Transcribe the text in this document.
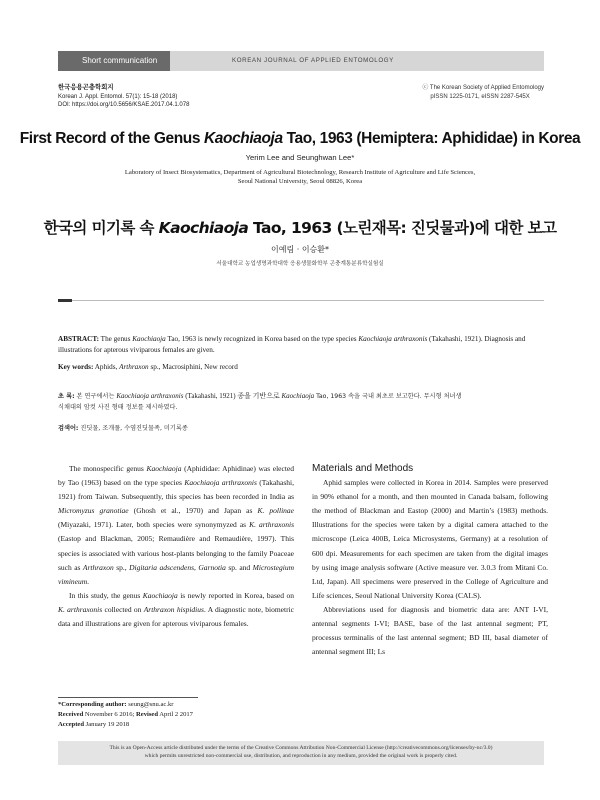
Short communication	KOREAN JOURNAL OF APPLIED ENTOMOLOGY
한국응용곤충학회지
Korean J. Appl. Entomol. 57(1): 15-18 (2018)
DOI: https://doi.org/10.5656/KSAE.2017.04.1.078
ⓒ The Korean Society of Applied Entomology
pISSN 1225-0171, eISSN 2287-545X
First Record of the Genus Kaochiaoja Tao, 1963 (Hemiptera: Aphididae) in Korea
Yerim Lee and Seunghwan Lee*
Laboratory of Insect Biosystematics, Department of Agricultural Biotechnology, Research Institute of Agriculture and Life Sciences,
Seoul National University, Seoul 08826, Korea
한국의 미기록 속 Kaochiaoja Tao, 1963 (노린재목: 진딧물과)에 대한 보고
이예림 · 이승환*
서울대학교 농업생명과학대학 응용생물화학부 곤충계통분류학실험실
ABSTRACT: The genus Kaochiaoja Tao, 1963 is newly recognized in Korea based on the type species Kaochiaoja arthraxonis (Takahashi, 1921). Diagnosis and illustrations for apterous viviparous females are given.
Key words: Aphids, Arthraxon sp., Macrosiphini, New record
초 록: 본 연구에서는 Kaochiaoja arthraxonis (Takahashi, 1921) 종을 기반으로 Kaochiaoja Tao, 1963 속을 국내 최초로 보고한다. 무시형 처녀생
식채대의 암컷 사진 형태 정보를 제시하였다.
검색어: 진딧물, 조개풀, 수염진딧물족, 미기록종

The monospecific genus Kaochiaoja (Aphididae: Aphidinae) was elected by Tao (1963) based on the type species Kaochiaoja arthraxonis (Takahashi, 1921) from Taiwan. Subsequently, this species has been recorded in India as Micromyzus granotiae (Ghosh et al., 1970) and Japan as K. pollinae (Miyazaki, 1971). Later, both species were synonymyzed as K. arthraxonis (Eastop and Blackman, 2005; Remaudière and Remaudière, 1997). This species is associated with various host-plants belonging to the family Poaceae such as Arthraxon sp., Digitaria adscendens, Garnotia sp. and Microstegium vimineum.

In this study, the genus Kaochiaoja is newly reported in Korea, based on K. arthraxonis collected on Arthraxon hispidius. A diagnostic note, biometric data and illustrations are given for apterous viviparous females.

Materials and Methods

Aphid samples were collected in Korea in 2014. Samples were preserved in 90% ethanol for a month, and then mounted in Canada balsam, following the method of Blackman and Eastop (2000) and Martin’s (1983) methods. Illustrations for the species were taken by a digital camera attached to the microscope (Leica 400B, Leica Microsystems, Germany) at a resolution of 600 dpi. Measurements for each specimen are taken from the digital images by using image analysis software (Active measure ver. 3.0.3 from Mitani Co. Ltd, Japan). All specimens were preserved in the College of Agriculture and Life sciences, Seoul National University Korea (CALS).

Abbreviations used for diagnosis and biometric data are: ANT I-VI, antennal segments I-VI; BASE, base of the last antennal segment; PT, processus terminalis of the last antennal segment; BD III, basal diameter of antennal segment III; Ls

*Corresponding author: seung@snu.ac.kr
Received November 6 2016; Revised April 2 2017
Accepted January 19 2018
This is an Open-Access article distributed under the terms of the Creative Commons Attribution Non-Commercial License (http://creativecommons.org/licenses/by-nc/3.0)
which permits unrestricted non-commercial use, distribution, and reproduction in any medium, provided the original work is properly cited.
